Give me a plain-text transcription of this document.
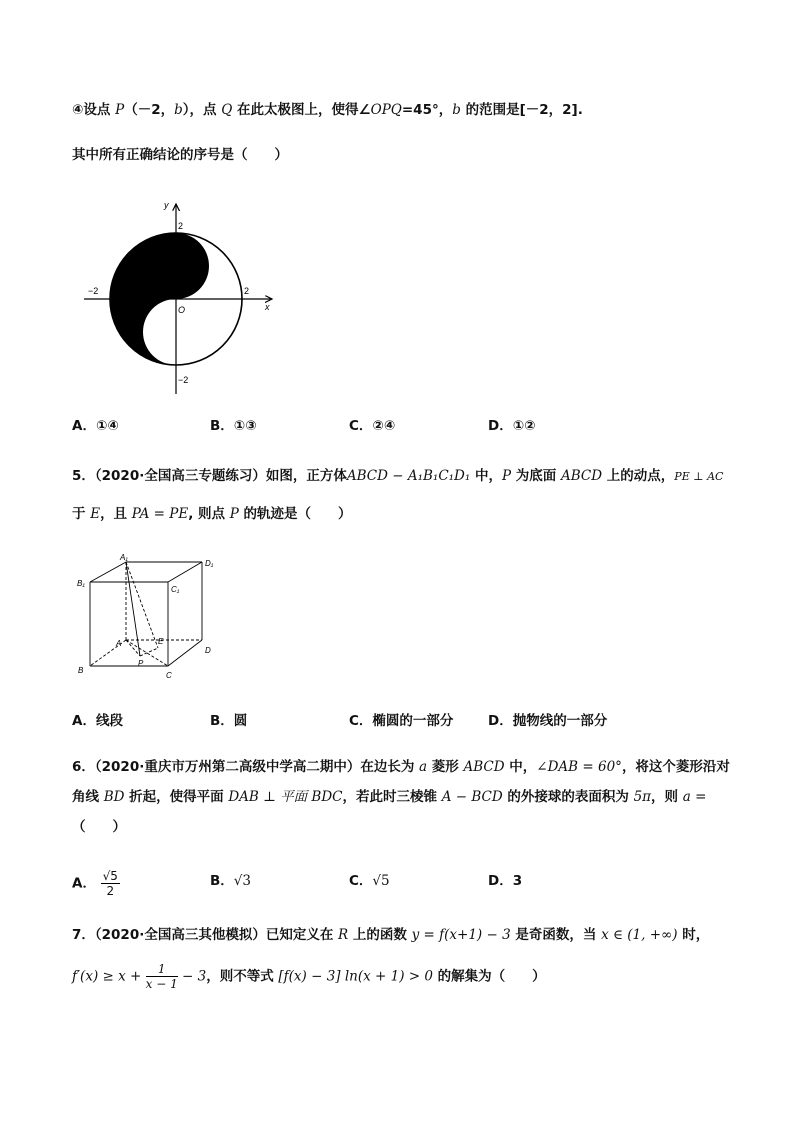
④设点 P（－2，b），点 Q 在此太极图上，使得∠OPQ=45°，b 的范围是[－2，2].
其中所有正确结论的序号是（　　）
y
x
O
2
2
−2
−2
A．①④	B．①③	C．②④	D．①②
5．（2020·全国高三专题练习）如图，正方体ABCD − A₁B₁C₁D₁ 中，P 为底面 ABCD 上的动点，PE ⊥ AC
于 E，且 PA = PE, 则点 P 的轨迹是（　　）
A₁
D₁
B₁
C₁
A
D
B
C
E
P
A．线段	B．圆	C．椭圆的一部分	D．抛物线的一部分
6．（2020·重庆市万州第二高级中学高二期中）在边长为 a 菱形 ABCD 中，∠DAB = 60°，将这个菱形沿对
角线 BD 折起，使得平面 DAB ⊥ 平面 BDC，若此时三棱锥 A − BCD 的外接球的表面积为 5π，则 a =
（　　）
A． $\frac{√5}{2}$	B．√3	C．√5	D．3
7．（2020·全国高三其他模拟）已知定义在 R 上的函数 y = f(x+1) − 3 是奇函数，当 x ∈ (1, +∞) 时，
$f'(x) \ge x + \frac{1}{x - 1} - 3$，则不等式 [f(x) − 3] ln(x + 1) > 0 的解集为（　　）
